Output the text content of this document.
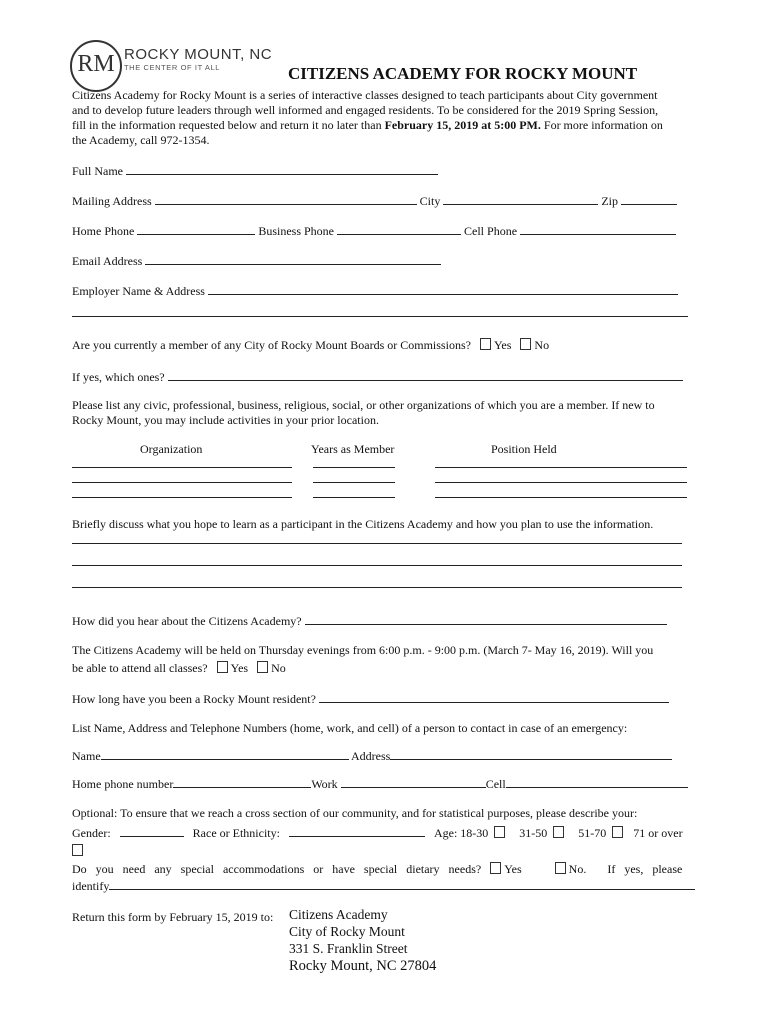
RM ROCKY MOUNT, NC
THE CENTER OF IT ALL	CITIZENS ACADEMY FOR ROCKY MOUNT
Citizens Academy for Rocky Mount is a series of interactive classes designed to teach participants about City government
and to develop future leaders through well informed and engaged residents. To be considered for the 2019 Spring Session,
fill in the information requested below and return it no later than February 15, 2019 at 5:00 PM. For more information on
the Academy, call 972-1354.
Full Name
Mailing Address	City	Zip
Home Phone	Business Phone	Cell Phone
Email Address
Employer Name & Address
Are you currently a member of any City of Rocky Mount Boards or Commissions? Yes No
If yes, which ones?
Please list any civic, professional, business, religious, social, or other organizations of which you are a member. If new to
Rocky Mount, you may include activities in your prior location.
Organization	Years as Member	Position Held
Briefly discuss what you hope to learn as a participant in the Citizens Academy and how you plan to use the information.
How did you hear about the Citizens Academy?
The Citizens Academy will be held on Thursday evenings from 6:00 p.m. - 9:00 p.m. (March 7- May 16, 2019). Will you
be able to attend all classes? Yes No
How long have you been a Rocky Mount resident?
List Name, Address and Telephone Numbers (home, work, and cell) of a person to contact in case of an emergency:
Name	Address
Home phone number	Work	Cell
Optional: To ensure that we reach a cross section of our community, and for statistical purposes, please describe your:
Gender:	Race or Ethnicity:	Age: 18-30	31-50	51-70 71 or over
Do you need any special accommodations or have special dietary needs? Yes	No. If yes, please
identify
Return this form by February 15, 2019 to: Citizens Academy
City of Rocky Mount
331 S. Franklin Street
Rocky Mount, NC 27804
